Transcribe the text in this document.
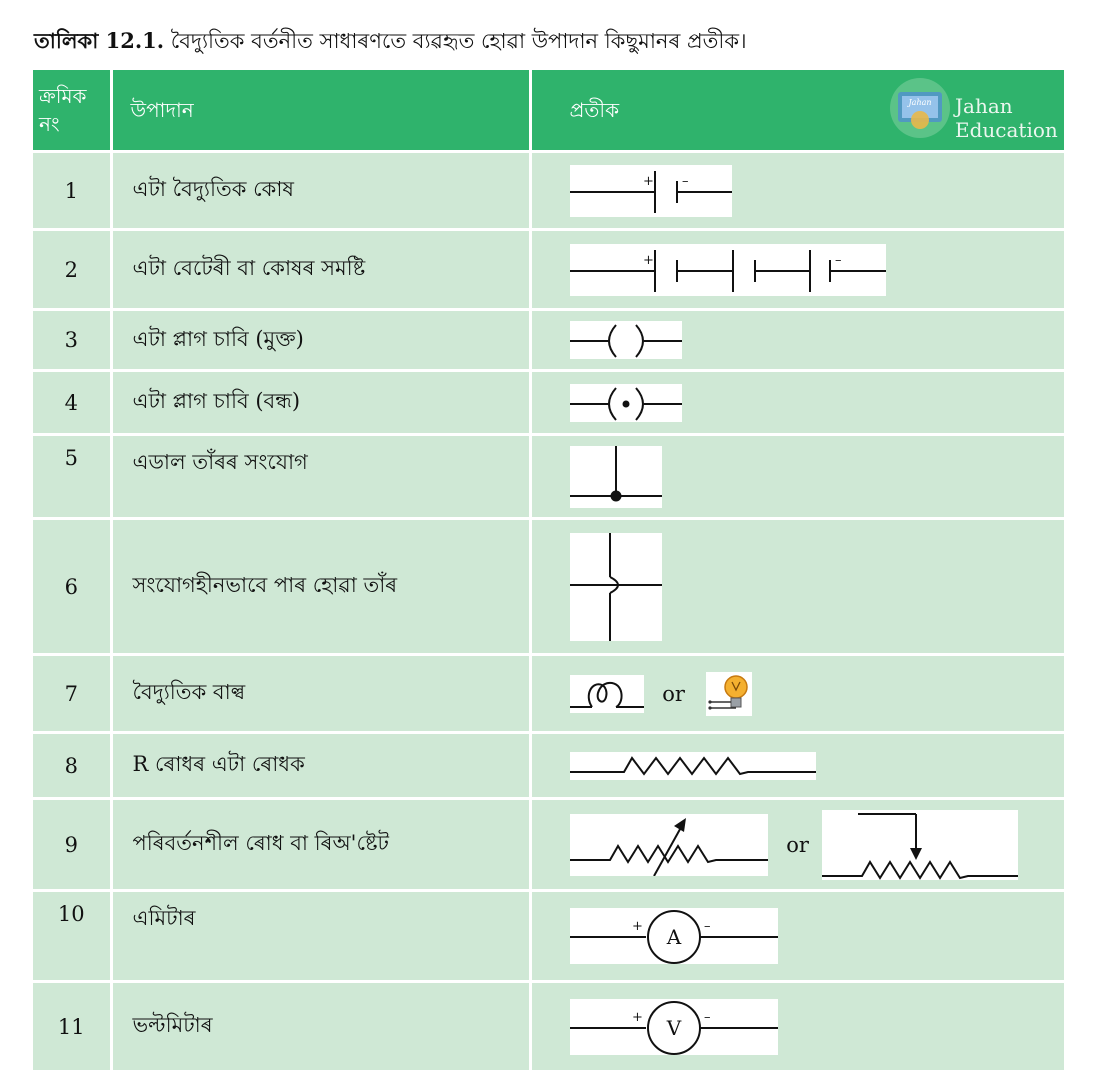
তালিকা 12.1. বৈদ্যুতিক বৰ্তনীত সাধাৰণতে ব্যৱহৃত হোৱা উপাদান কিছুমানৰ প্ৰতীক।
ক্ৰমিক নং	উপাদান	প্ৰতীক Jahan Jahan
Education

1	এটা বৈদ্যুতিক কোষ	+ –

2	এটা বেটেৰী বা কোষৰ সমষ্টি	+ –

3	এটা প্লাগ চাবি (মুক্ত)	

4	এটা প্লাগ চাবি (বন্ধ)	

5	এডাল তাঁৰৰ সংযোগ	

6	সংযোগহীনভাবে পাৰ হোৱা তাঁৰ	

7	বৈদ্যুতিক বাল্ব	or

8	R ৰোধৰ এটা ৰোধক	

9	পৰিবৰ্তনশীল ৰোধ বা ৰিঅ'ষ্টেট	or

10	এমিটাৰ	+ –
A

11	ভল্টমিটাৰ	+ –
V
